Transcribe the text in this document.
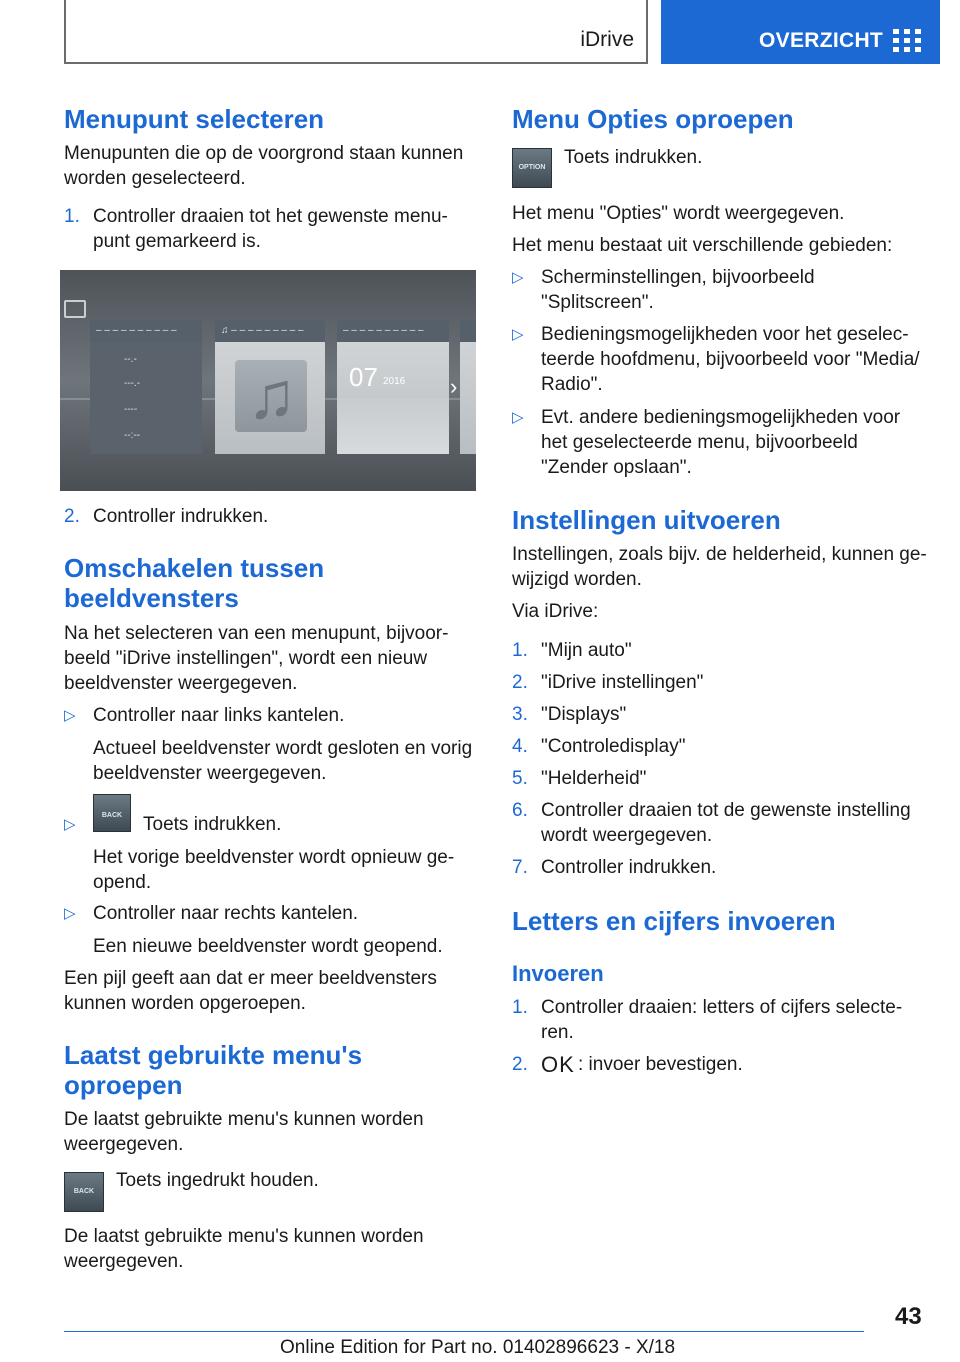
iDrive	OVERZICHT
Menupunt selecteren

Menupunten die op de voorgrond staan kunnen

worden geselecteerd.

1. Controller draaien tot het gewenste menu-
punt gemarkeerd is.
– – – – – – – – – –
--.-
---.-
----
--:--
♫ – – – – – – – – –
♫
– – – – – – – – – –
07 2016 ›
2. Controller indrukken.
Omschakelen tussen
beeldvensters

Na het selecteren van een menupunt, bijvoor-

beeld "iDrive instellingen", wordt een nieuw

beeldvenster weergegeven.

▷ Controller naar links kantelen.
Actueel beeldvenster wordt gesloten en vorig
beeldvenster weergegeven.
▷
BACK	Toets indrukken.
Het vorige beeldvenster wordt opnieuw ge-
opend.
▷ Controller naar rechts kantelen.
Een nieuwe beeldvenster wordt geopend.

Een pijl geeft aan dat er meer beeldvensters

kunnen worden opgeroepen.

Laatst gebruikte menu's
oproepen

De laatst gebruikte menu's kunnen worden

weergegeven.

BACK

Toets ingedrukt houden.

De laatst gebruikte menu's kunnen worden

weergegeven.

Menu Opties oproepen
OPTION Toets indrukken.

Het menu "Opties" wordt weergegeven.

Het menu bestaat uit verschillende gebieden:

▷ Scherminstellingen, bijvoorbeeld
"Splitscreen".
▷ Bedieningsmogelijkheden voor het geselec-
teerde hoofdmenu, bijvoorbeeld voor "Media/
Radio".
▷ Evt. andere bedieningsmogelijkheden voor
het geselecteerde menu, bijvoorbeeld
"Zender opslaan".
Instellingen uitvoeren

Instellingen, zoals bijv. de helderheid, kunnen ge-

wijzigd worden.

Via iDrive:

1. "Mijn auto"
2. "iDrive instellingen"
3. "Displays"
4. "Controledisplay"
5. "Helderheid"
6. Controller draaien tot de gewenste instelling
wordt weergegeven.
7. Controller indrukken.
Letters en cijfers invoeren
Invoeren
1. Controller draaien: letters of cijfers selecte-
ren.
2. OK : invoer bevestigen.
43
Online Edition for Part no. 01402896623 - X/18
